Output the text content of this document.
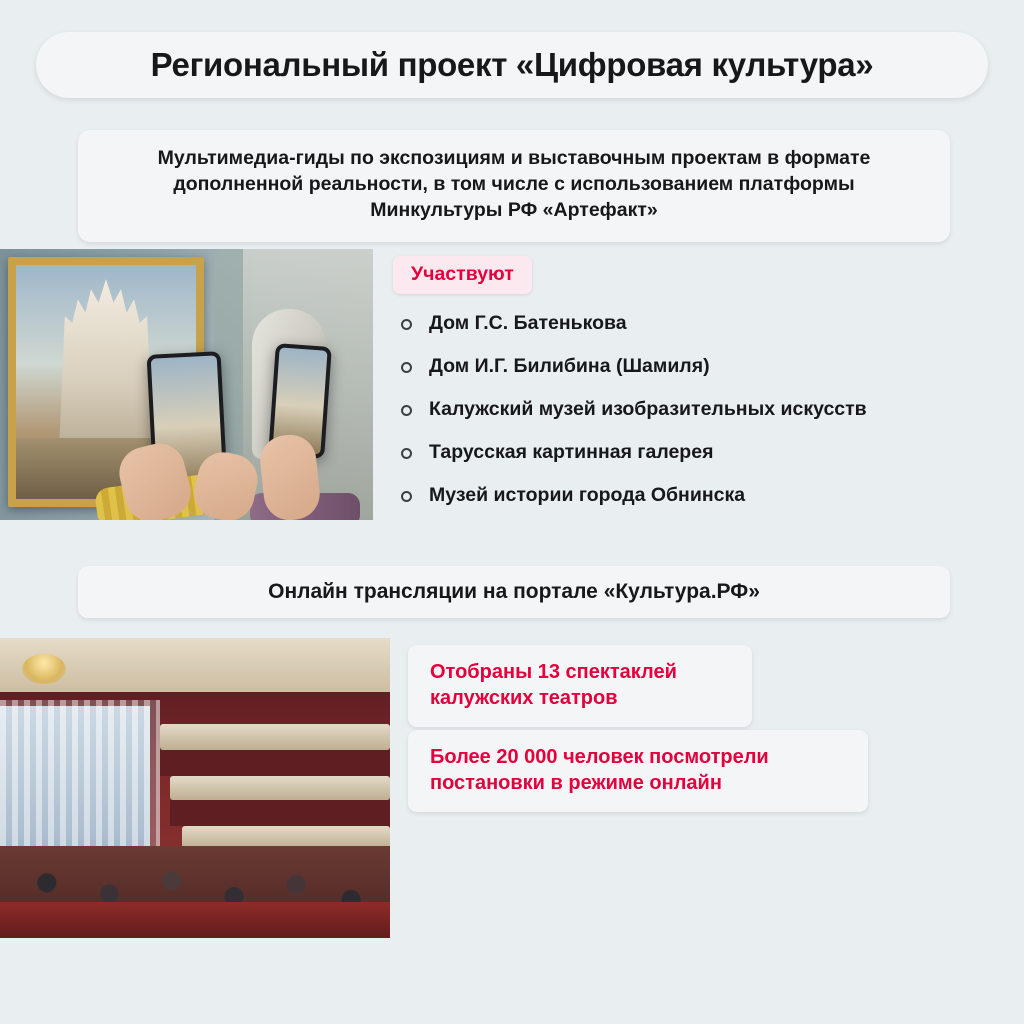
Региональный проект «Цифровая культура»
Мультимедиа-гиды по экспозициям и выставочным проектам в формате дополненной реальности, в том числе с использованием платформы Минкультуры РФ «Артефакт»
Участвуют
Дом Г.С. Батенькова
Дом И.Г. Билибина (Шамиля)
Калужский музей изобразительных искусств
Тарусская картинная галерея
Музей истории города Обнинска
Онлайн трансляции на портале «Культура.РФ»
Отобраны 13 спектаклей калужских театров
Более 20 000 человек посмотрели постановки в режиме онлайн
